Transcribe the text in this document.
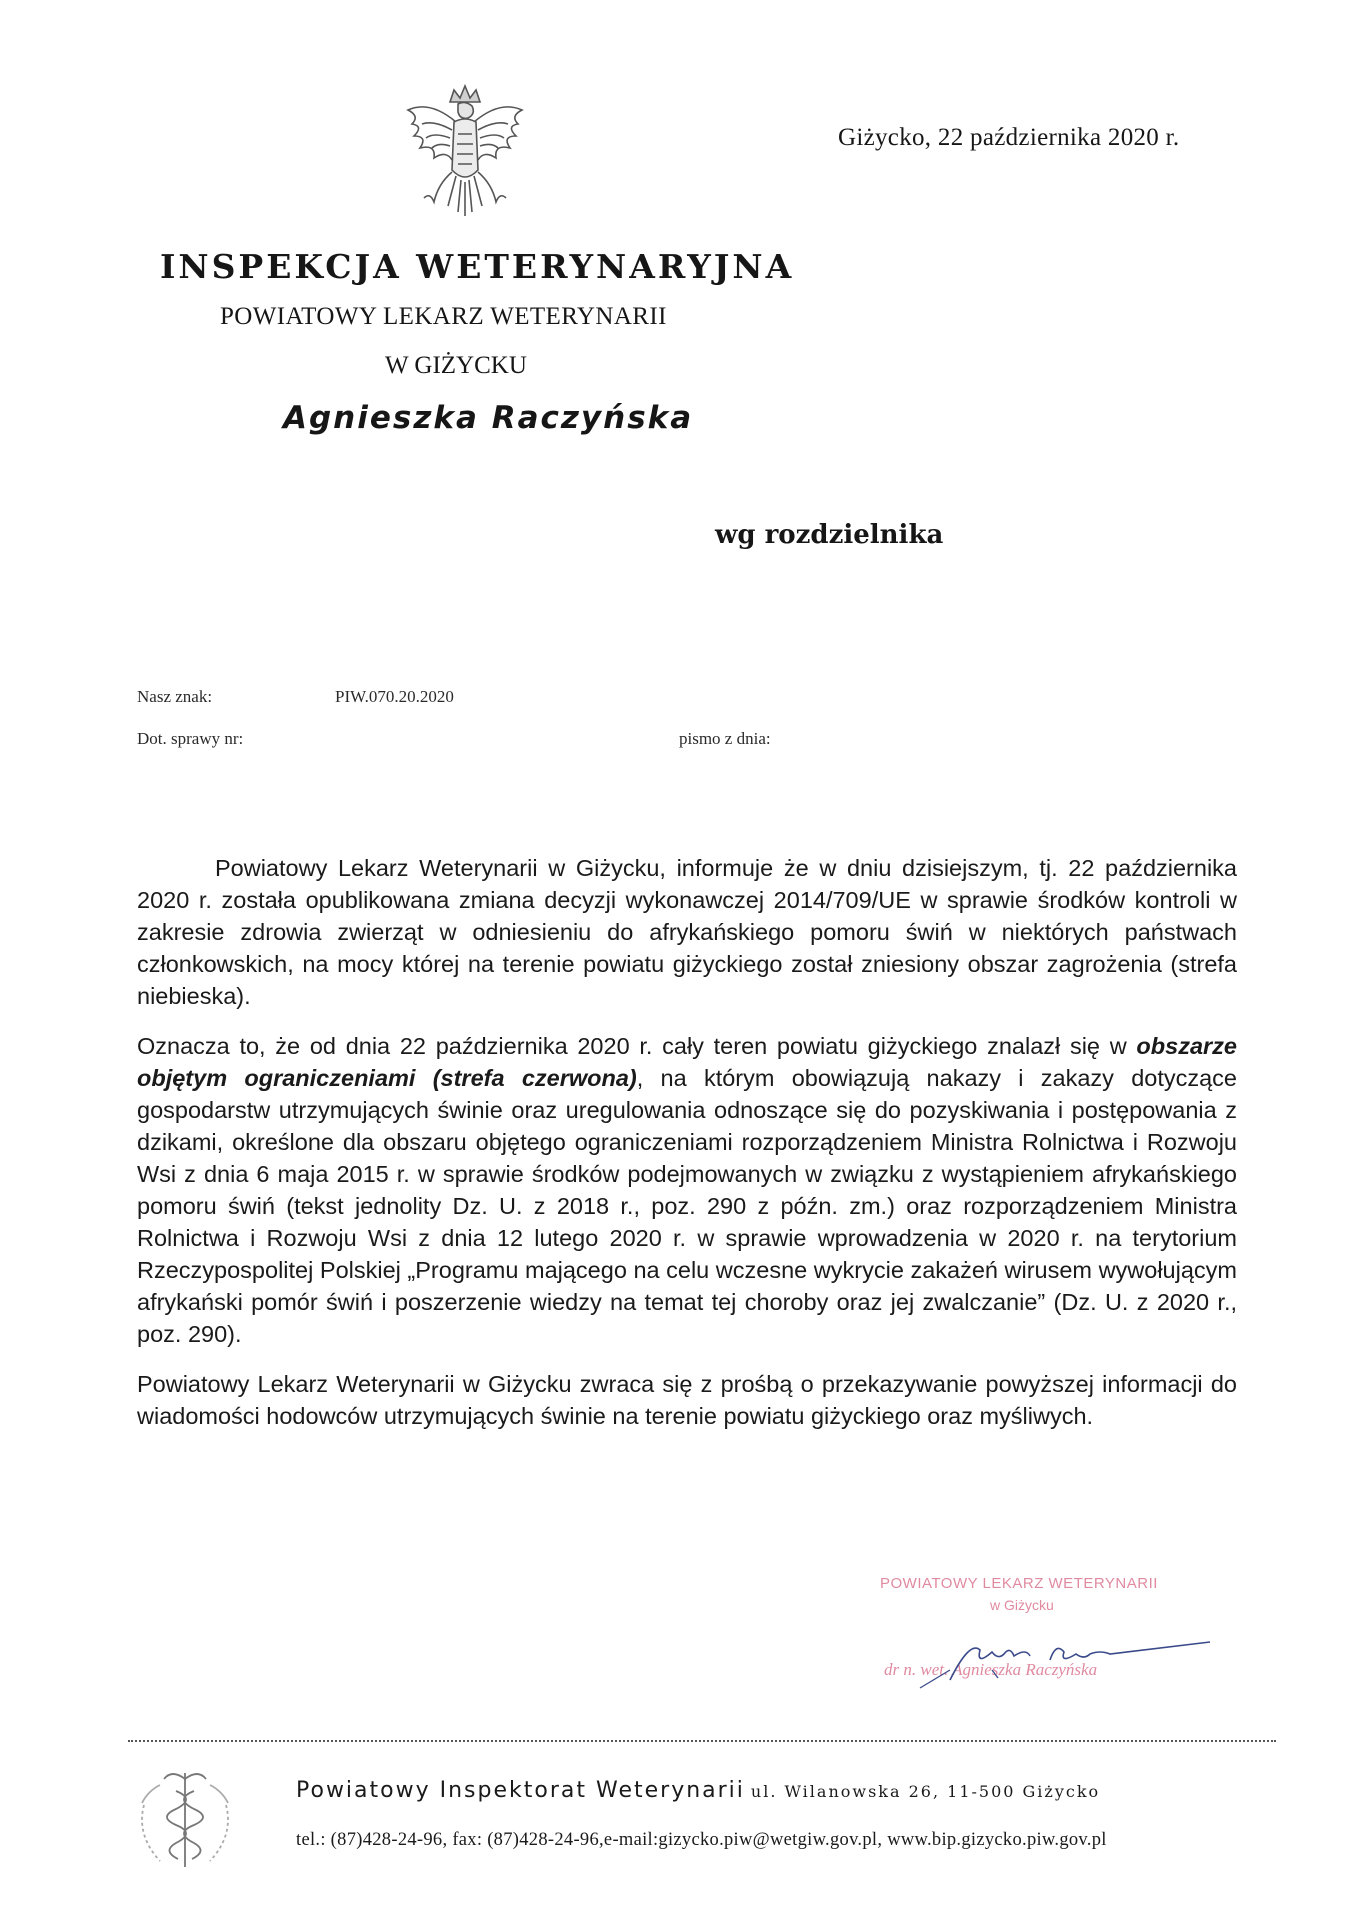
Giżycko, 22 października 2020 r.
INSPEKCJA WETERYNARYJNA
POWIATOWY LEKARZ WETERYNARII
W GIŻYCKU
Agnieszka Raczyńska
wg rozdzielnika
Nasz znak:	PIW.070.20.2020
Dot. sprawy nr:	pismo z dnia:

Powiatowy Lekarz Weterynarii w Giżycku, informuje że w dniu dzisiejszym, tj. 22 października 2020 r. została opublikowana zmiana decyzji wykonawczej 2014/709/UE w sprawie środków kontroli w zakresie zdrowia zwierząt w odniesieniu do afrykańskiego pomoru świń w niektórych państwach członkowskich, na mocy której na terenie powiatu giżyckiego został zniesiony obszar zagrożenia (strefa niebieska).

Oznacza to, że od dnia 22 października 2020 r. cały teren powiatu giżyckiego znalazł się w obszarze objętym ograniczeniami (strefa czerwona), na którym obowiązują nakazy i zakazy dotyczące gospodarstw utrzymujących świnie oraz uregulowania odnoszące się do pozyskiwania i postępowania z dzikami, określone dla obszaru objętego ograniczeniami rozporządzeniem Ministra Rolnictwa i Rozwoju Wsi z dnia 6 maja 2015 r. w sprawie środków podejmowanych w związku z wystąpieniem afrykańskiego pomoru świń (tekst jednolity Dz. U. z 2018 r., poz. 290 z późn. zm.) oraz rozporządzeniem Ministra Rolnictwa i Rozwoju Wsi z dnia 12 lutego 2020 r. w sprawie wprowadzenia w 2020 r. na terytorium Rzeczypospolitej Polskiej „Programu mającego na celu wczesne wykrycie zakażeń wirusem wywołującym afrykański pomór świń i poszerzenie wiedzy na temat tej choroby oraz jej zwalczanie” (Dz. U. z 2020 r., poz. 290).

Powiatowy Lekarz Weterynarii w Giżycku zwraca się z prośbą o przekazywanie powyższej informacji do wiadomości hodowców utrzymujących świnie na terenie powiatu giżyckiego oraz myśliwych.

POWIATOWY LEKARZ WETERYNARII
w Giżycku
dr n. wet. Agnieszka Raczyńska
Powiatowy Inspektorat Weterynarii ul. Wilanowska 26, 11-500 Giżycko
tel.: (87)428-24-96, fax: (87)428-24-96,e-mail:gizycko.piw@wetgiw.gov.pl, www.bip.gizycko.piw.gov.pl
